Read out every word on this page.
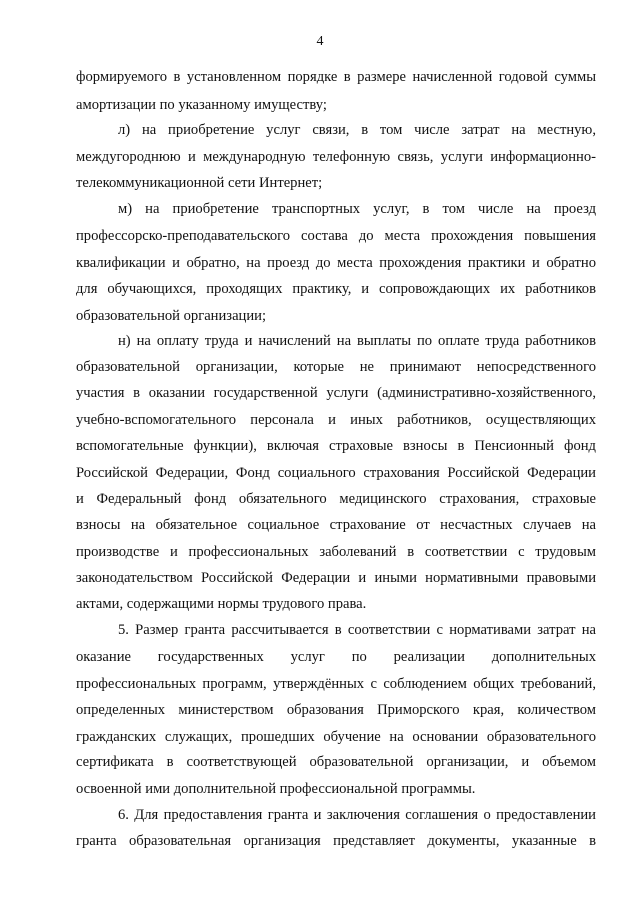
4
формируемого в установленном порядке в размере начисленной годовой суммы
амортизации по указанному имуществу;
л) на приобретение услуг связи, в том числе затрат на местную,
междугороднюю и международную телефонную связь, услуги информационно-
телекоммуникационной сети Интернет;
м) на приобретение транспортных услуг, в том числе на проезд
профессорско-преподавательского состава до места прохождения повышения
квалификации и обратно, на проезд до места прохождения практики и обратно
для обучающихся, проходящих практику, и сопровождающих их работников
образовательной организации;
н) на оплату труда и начислений на выплаты по оплате труда работников
образовательной организации, которые не принимают непосредственного
участия в оказании государственной услуги (административно-хозяйственного,
учебно-вспомогательного персонала и иных работников, осуществляющих
вспомогательные функции), включая страховые взносы в Пенсионный фонд
Российской Федерации, Фонд социального страхования Российской Федерации
и Федеральный фонд обязательного медицинского страхования, страховые
взносы на обязательное социальное страхование от несчастных случаев на
производстве и профессиональных заболеваний в соответствии с трудовым
законодательством Российской Федерации и иными нормативными правовыми
актами, содержащими нормы трудового права.
5. Размер гранта рассчитывается в соответствии с нормативами затрат на
оказание государственных услуг по реализации дополнительных
профессиональных программ, утверждённых с соблюдением общих требований,
определенных министерством образования Приморского края, количеством
гражданских служащих, прошедших обучение на основании образовательного
сертификата в соответствующей образовательной организации, и объемом
освоенной ими дополнительной профессиональной программы.
6. Для предоставления гранта и заключения соглашения о предоставлении
гранта образовательная организация представляет документы, указанные в
